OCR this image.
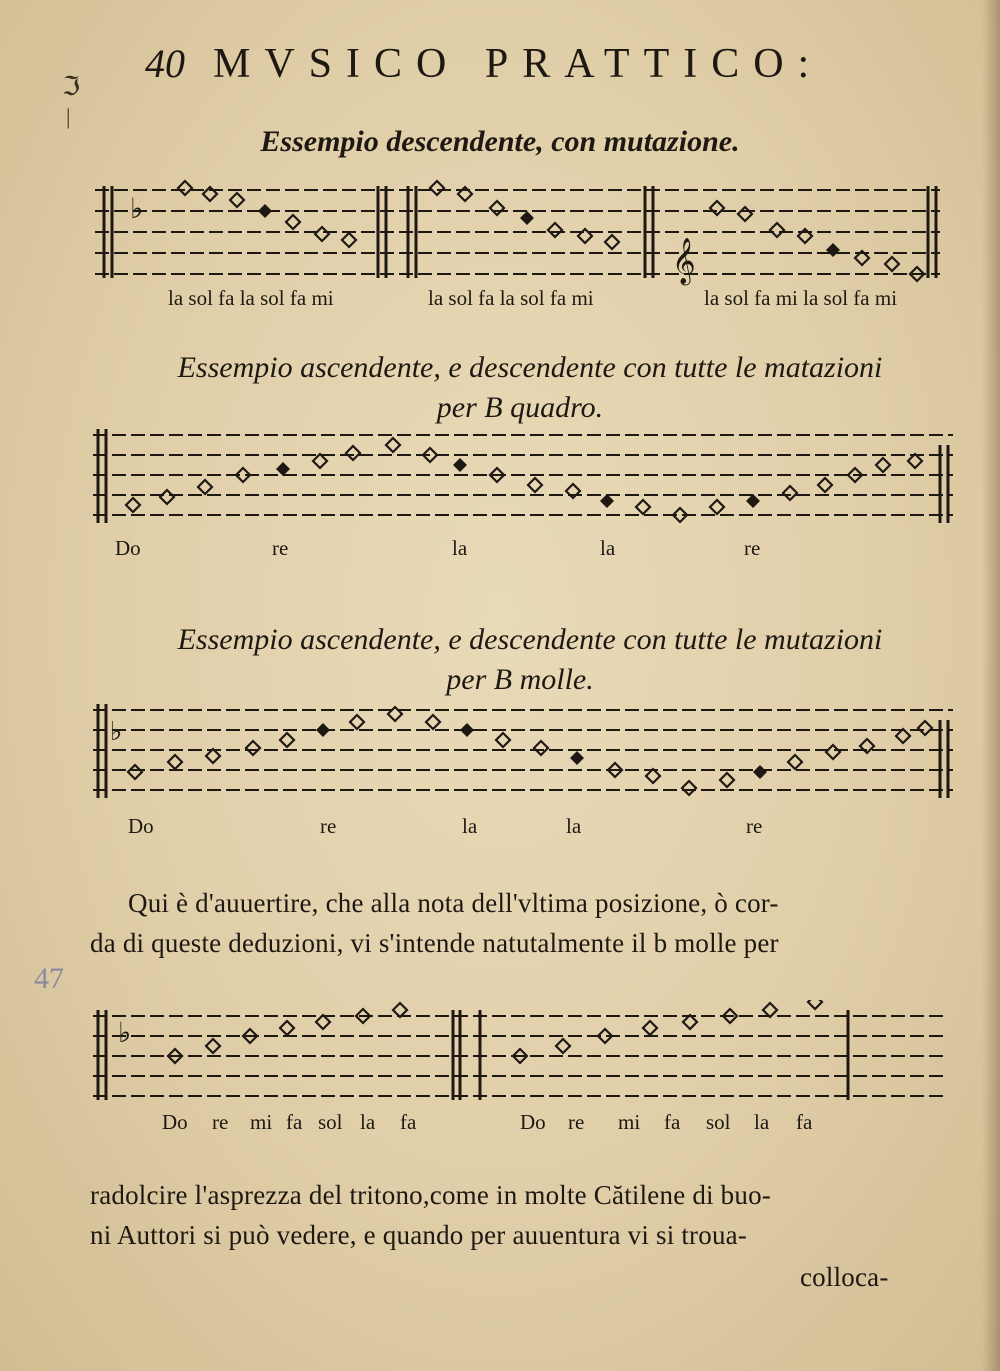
ℑ
|
40 MVSICO PRATTICO:
Essempio descendente, con mutazione.
♭
𝄞
la sol fa la sol fa mi	la sol fa la sol fa mi	la sol fa mi la sol fa mi
Essempio ascendente, e descendente con tutte le matazioni
per B quadro.
Do	re	la	la	re
Essempio ascendente, e descendente con tutte le mutazioni
per B molle.
♭
Do	re	la	la	re
Qui è d'auuertire, che alla nota dell'vltima posizione, ò cor-
da di queste deduzioni, vi s'intende natutalmente il b molle per
47
♭
Do re mi fa sol la fa	Do re mi fa sol la fa
radolcire l'asprezza del tritono,come in molte Cătilene di buo-
ni Auttori si può vedere, e quando per auuentura vi si troua-
colloca-
